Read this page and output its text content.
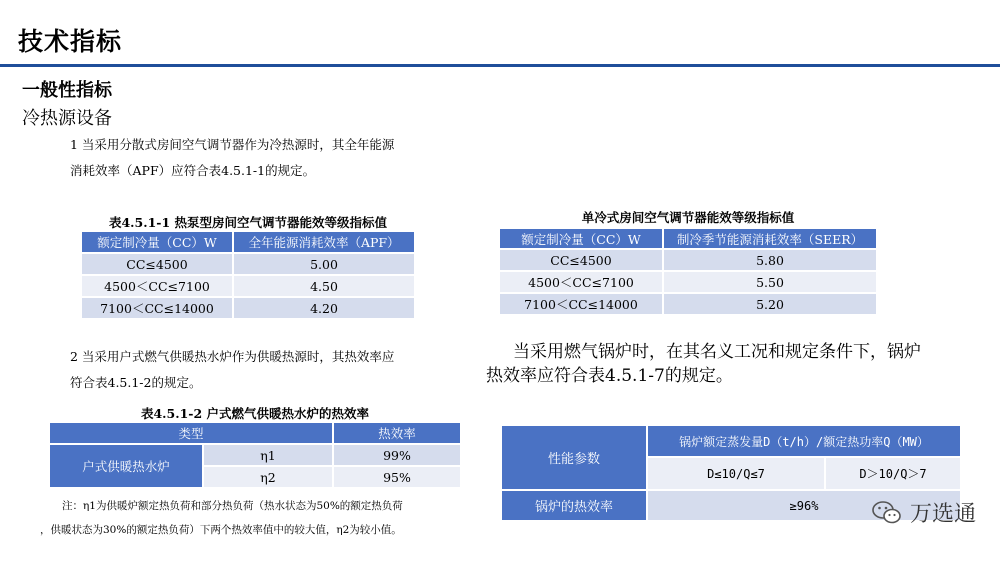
技术指标
一般性指标
冷热源设备
1 当采用分散式房间空气调节器作为冷热源时，其全年能源
消耗效率（APF）应符合表4.5.1-1的规定。
表4.5.1-1 热泵型房间空气调节器能效等级指标值
额定制冷量（CC）W	全年能源消耗效率（APF）
CC≤4500	5.00
4500＜CC≤7100	4.50
7100＜CC≤14000	4.20
单冷式房间空气调节器能效等级指标值
额定制冷量（CC）W	制冷季节能源消耗效率（SEER）
CC≤4500	5.80
4500＜CC≤7100	5.50
7100＜CC≤14000	5.20
2 当采用户式燃气供暖热水炉作为供暖热源时，其热效率应
符合表4.5.1-2的规定。
当采用燃气锅炉时，在其名义工况和规定条件下，锅炉
热效率应符合表4.5.1-7的规定。
表4.5.1-2 户式燃气供暖热水炉的热效率
类型		热效率
户式供暖热水炉	η1	99%
	η2	95%
注：η1为供暖炉额定热负荷和部分热负荷（热水状态为50%的额定热负荷
，供暖状态为30%的额定热负荷）下两个热效率值中的较大值，η2为较小值。
性能参数	锅炉额定蒸发量D（t/h）/额定热功率Q（MW）	
	D≤10/Q≤7	D＞10/Q＞7
锅炉的热效率	≥96%		万选通
